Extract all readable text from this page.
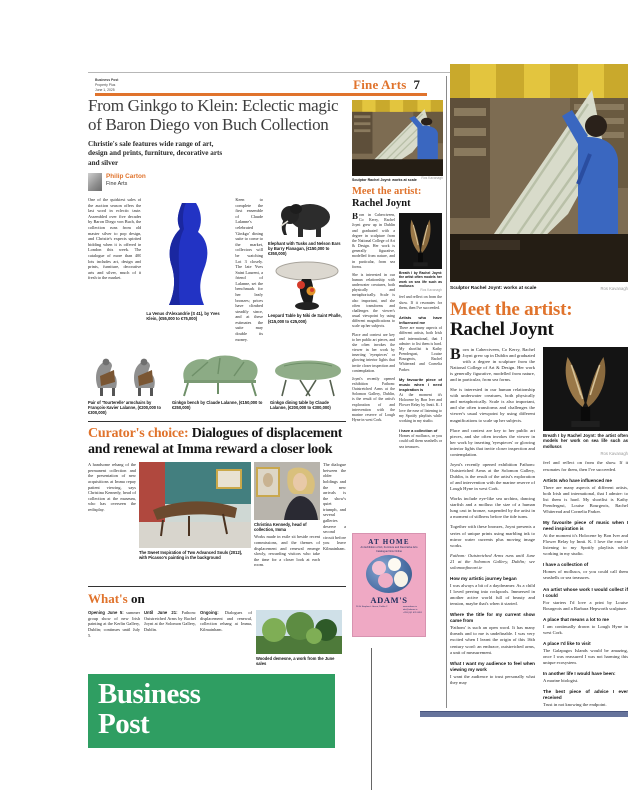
Business Post
Property Plus
June 1, 2025	Fine Arts 7
From Ginkgo to Klein: Eclectic magic of Baron Diego von Buch Collection
Christie's sale features wide range of art, design and prints, furniture, decorative arts and silver
Philip Carton
Fine Arts
One of the quirkiest sales of the auction season offers the last word in eclectic taste. Assembled over five decades by Baron Diego von Buch, the collection runs from old master silver to pop design, and Christie's expects spirited bidding when it is offered in London this week. The catalogue of more than 400 lots includes art, design and prints, furniture, decorative arts and silver, much of it fresh to the market.
La Venus d'Alexandrie (S 41), by Yves Klein, (€55,000 to €75,000)
Keen to complete the first ensemble of Claude Lalanne's celebrated 'Ginkgo' dining suite to come to the market, collectors will be watching Lot 3 closely. The late Yves Saint Laurent, a friend of Lalanne, set the benchmark for her leafy bronzes; prices have climbed steadily since, and at these estimates the suite may double its money.
Elephant with Tusks and Nelson Ears by Barry Flanagan, (€150,000 to €350,000)
Leopard Table by Niki de Saint Phalle, (€15,000 to €25,000)
Pair of 'Tourterelle' armchairs by François-Xavier Lalanne, (€200,000 to €300,000)
Ginkgo bench by Claude Lalanne, (€150,000 to €250,000)
Ginkgo dining table by Claude Lalanne, (€200,000 to €300,000)
Curator's choice: Dialogues of displacement and renewal at Imma reward a closer look
A handsome rehang of the permanent collection and the presentation of new acquisitions at Imma repay patient viewing, says Christina Kennedy, head of collection at the museum, who has overseen the redisplay.
The Sweet Inspiration of Two Advanced Souls (2012), with Picasso's painting in the background
Christina Kennedy, head of collection, Imma
Works made in exile sit beside recent commissions, and the themes of displacement and renewal emerge slowly, rewarding visitors who take the time for a closer look at each room.
The dialogue between the older holdings and the new arrivals is the show's quiet triumph, and several galleries deserve a second circuit before you leave Kilmainham.
What's on
Opening June 5: summer group show of new Irish painting at the Kerlin Gallery, Dublin; continues until July 5.
Until June 21: Fathom: Outstretched Arms by Rachel Joynt at the Solomon Gallery, Dublin.
Ongoing: Dialogues of displacement and renewal, collection rehang at Imma, Kilmainham.
Wooded demesne, a work from the June sales
Business
Post
Sculptor Rachel Joynt: works at scale Ros Kavanagh
Meet the artist:
Rachel Joynt

Born in Caherciveen, Co Kerry, Rachel Joynt grew up in Dublin and graduated with a degree in sculpture from the National College of Art & Design. Her work is generally figurative, modelled from nature, and in particular, from sea forms.

She is interested in our human relationship with underwater creatures, both physically and metaphorically. Scale is also important, and she often transforms and challenges the viewer's usual viewpoint by using different magnifications to scale up her subjects.

Place and context are key to her public art pieces, and she often invokes the viewer in her work by inserting 'eyespieces' or glowing interior lights that invite closer inspection and contemplation.

Joynt's recently opened exhibition Fathom: Outstretched Arms at the Solomon Gallery, Dublin, is the result of the artist's exploration of and intervention with the marine reserve of Lough Hyne in west Cork.

Breath I by Rachel Joynt: the artist often models her work on sea life such as molluscs
Ros Kavanagh

feel and reflect on from the show. If it resonates for them, then I've succeeded.

Artists who have influenced me

There are many aspects of different artists, both Irish and international, that I admire: to list them is hard. My shortlist is Kathy Prendergast, Louise Bourgeois, Rachel Whiteread and Cornelia Parker.

My favourite piece of music when I need inspiration is

At the moment it's Holocene by Bon Iver and Flower Relay by Innti. K. I love the ease of listening to my Spotify playlists while working in my studio.

I have a collection of

Homes of molluscs, or you could call them seashells or sea treasures.

AT HOME
An Exhibition of Art, Furniture and Decorative Arts
Catalogue Now Online
ADAM'S
26 St Stephen's Green, Dublin 2	www.adams.ie
info@adams.ie
+353 (0)1 676 0261
Sculptor Rachel Joynt: works at scale	Ros Kavanagh
Meet the artist:
Rachel Joynt

Born in Caherciveen, Co Kerry, Rachel Joynt grew up in Dublin and graduated with a degree in sculpture from the National College of Art & Design. Her work is generally figurative, modelled from nature, and in particular, from sea forms.

She is interested in our human relationship with underwater creatures, both physically and metaphorically. Scale is also important, and she often transforms and challenges the viewer's usual viewpoint by using different magnifications to scale up her subjects.

Place and context are key to her public art pieces, and she often invokes the viewer in her work by inserting 'eyespieces' or glowing interior lights that invite closer inspection and contemplation.

Joynt's recently opened exhibition Fathom: Outstretched Arms at the Solomon Gallery, Dublin, is the result of the artist's exploration of and intervention with the marine reserve of Lough Hyne in west Cork.

Works include eye-like sea urchins, dancing starfish and a mollusc the size of a human lung cast in bronze, suspended by the artist in a moment of stillness before the tide turns.

Together with these bronzes, Joynt presents a series of unique prints using marbling ink to mirror water currents plus moving image works.

Fathom: Outstretched Arms runs until June 21 at the Solomon Gallery, Dublin; see solomonfineart.ie

How my artistic journey began

I was always a bit of a daydreamer. As a child I loved peering into rockpools. Immersed in another active world full of beauty and tension, maybe that's when it started.

Where the title for my current show came from

'Fathom' is such an open word. It has many threads and to me is undefinable. I was very excited when I learnt the origin of this 16th century word: an embrace, outstretched arms, a unit of measurement.

What I want my audience to feel when viewing my work

I want the audience to trust personally what they may

Breath I by Rachel Joynt: the artist often models her work on sea life such as molluscs
Ros Kavanagh

feel and reflect on from the show. If it resonates for them, then I've succeeded.

Artists who have influenced me

There are many aspects of different artists, both Irish and international, that I admire: to list them is hard. My shortlist is Kathy Prendergast, Louise Bourgeois, Rachel Whiteread and Cornelia Parker.

My favourite piece of music when I need inspiration is

At the moment it's Holocene by Bon Iver and Flower Relay by Innti. K. I love the ease of listening to my Spotify playlists while working in my studio.

I have a collection of

Homes of molluscs, or you could call them seashells or sea treasures.

An artist whose work I would collect if I could

For starters I'd love a print by Louise Bourgeois and a Barbara Hepworth sculpture.

A place that means a lot to me

I am continually drawn to Lough Hyne in west Cork.

A place I'd like to visit

The Galapagos Islands would be amazing, once I was reassured I was not harming this unique ecosystem.

In another life I would have been:

A marine biologist.

The best piece of advice I ever received

Trust in not knowing the endpoint.
